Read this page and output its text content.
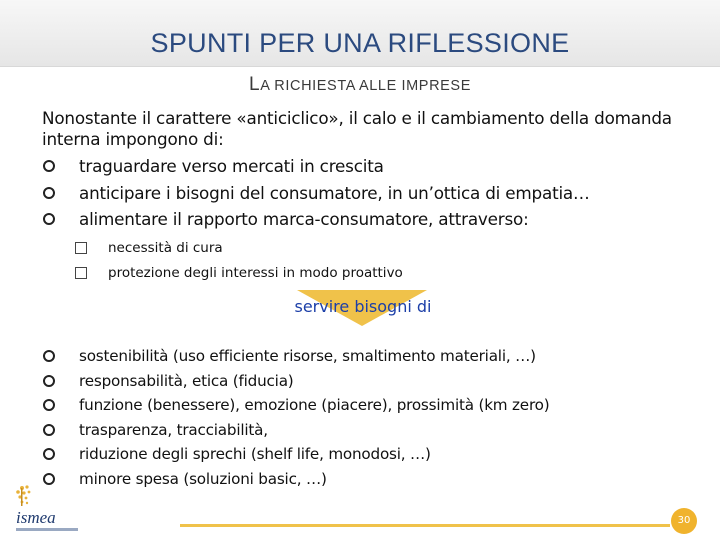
SPUNTI PER UNA RIFLESSIONE
LA RICHIESTA ALLE IMPRESE
Nonostante il carattere «anticiclico», il calo e il cambiamento della domanda interna impongono di:
traguardare verso mercati in crescita
anticipare i bisogni del consumatore, in un’ottica di empatia…
alimentare il rapporto marca-consumatore, attraverso:
necessità di cura
protezione degli interessi in modo proattivo
servire bisogni di
sostenibilità (uso efficiente risorse, smaltimento materiali, …)
responsabilità, etica (fiducia)
funzione (benessere), emozione (piacere), prossimità (km zero)
trasparenza, tracciabilità,
riduzione degli sprechi (shelf life, monodosi, …)
minore spesa (soluzioni basic, …)
ismea	30
